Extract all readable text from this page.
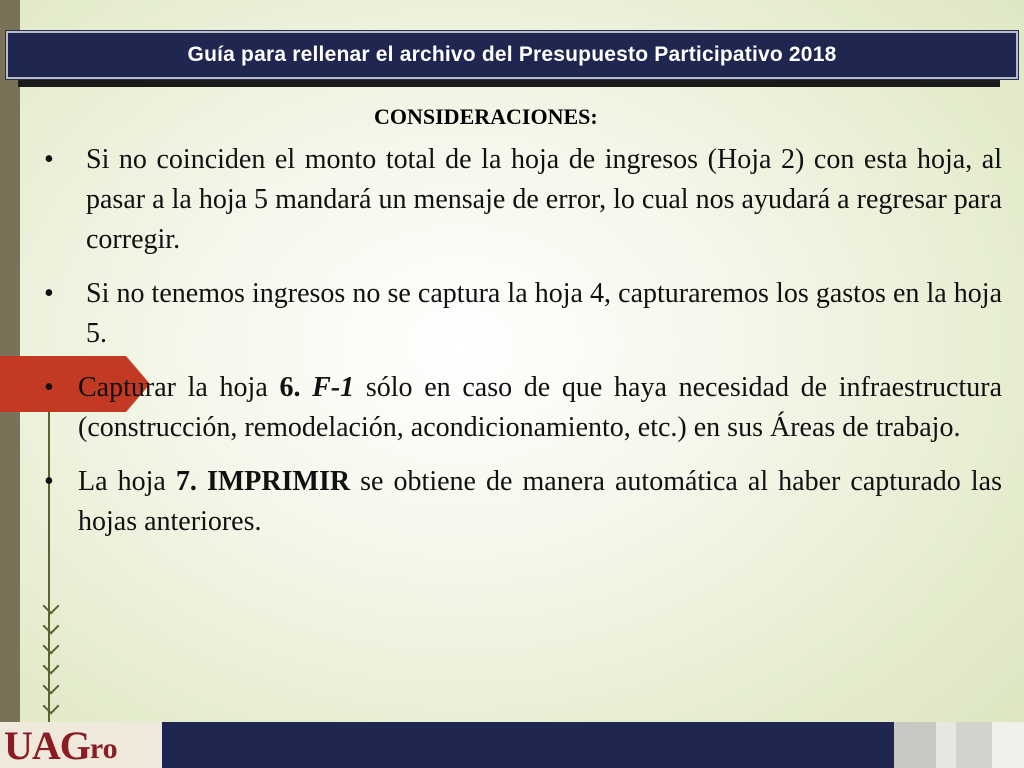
Guía para rellenar el archivo del Presupuesto Participativo 2018
CONSIDERACIONES:
• Si no coinciden el monto total de la hoja de ingresos (Hoja 2) con esta hoja, al pasar a la hoja 5 mandará un mensaje de error, lo cual nos ayudará a regresar para corregir.
• Si no tenemos ingresos no se captura la hoja 4, capturaremos los gastos en la hoja 5.
• Capturar la hoja 6. F-1 sólo en caso de que haya necesidad de infraestructura (construcción, remodelación, acondicionamiento, etc.) en sus Áreas de trabajo.
• La hoja 7. IMPRIMIR se obtiene de manera automática al haber capturado las hojas anteriores.
UAG ro
